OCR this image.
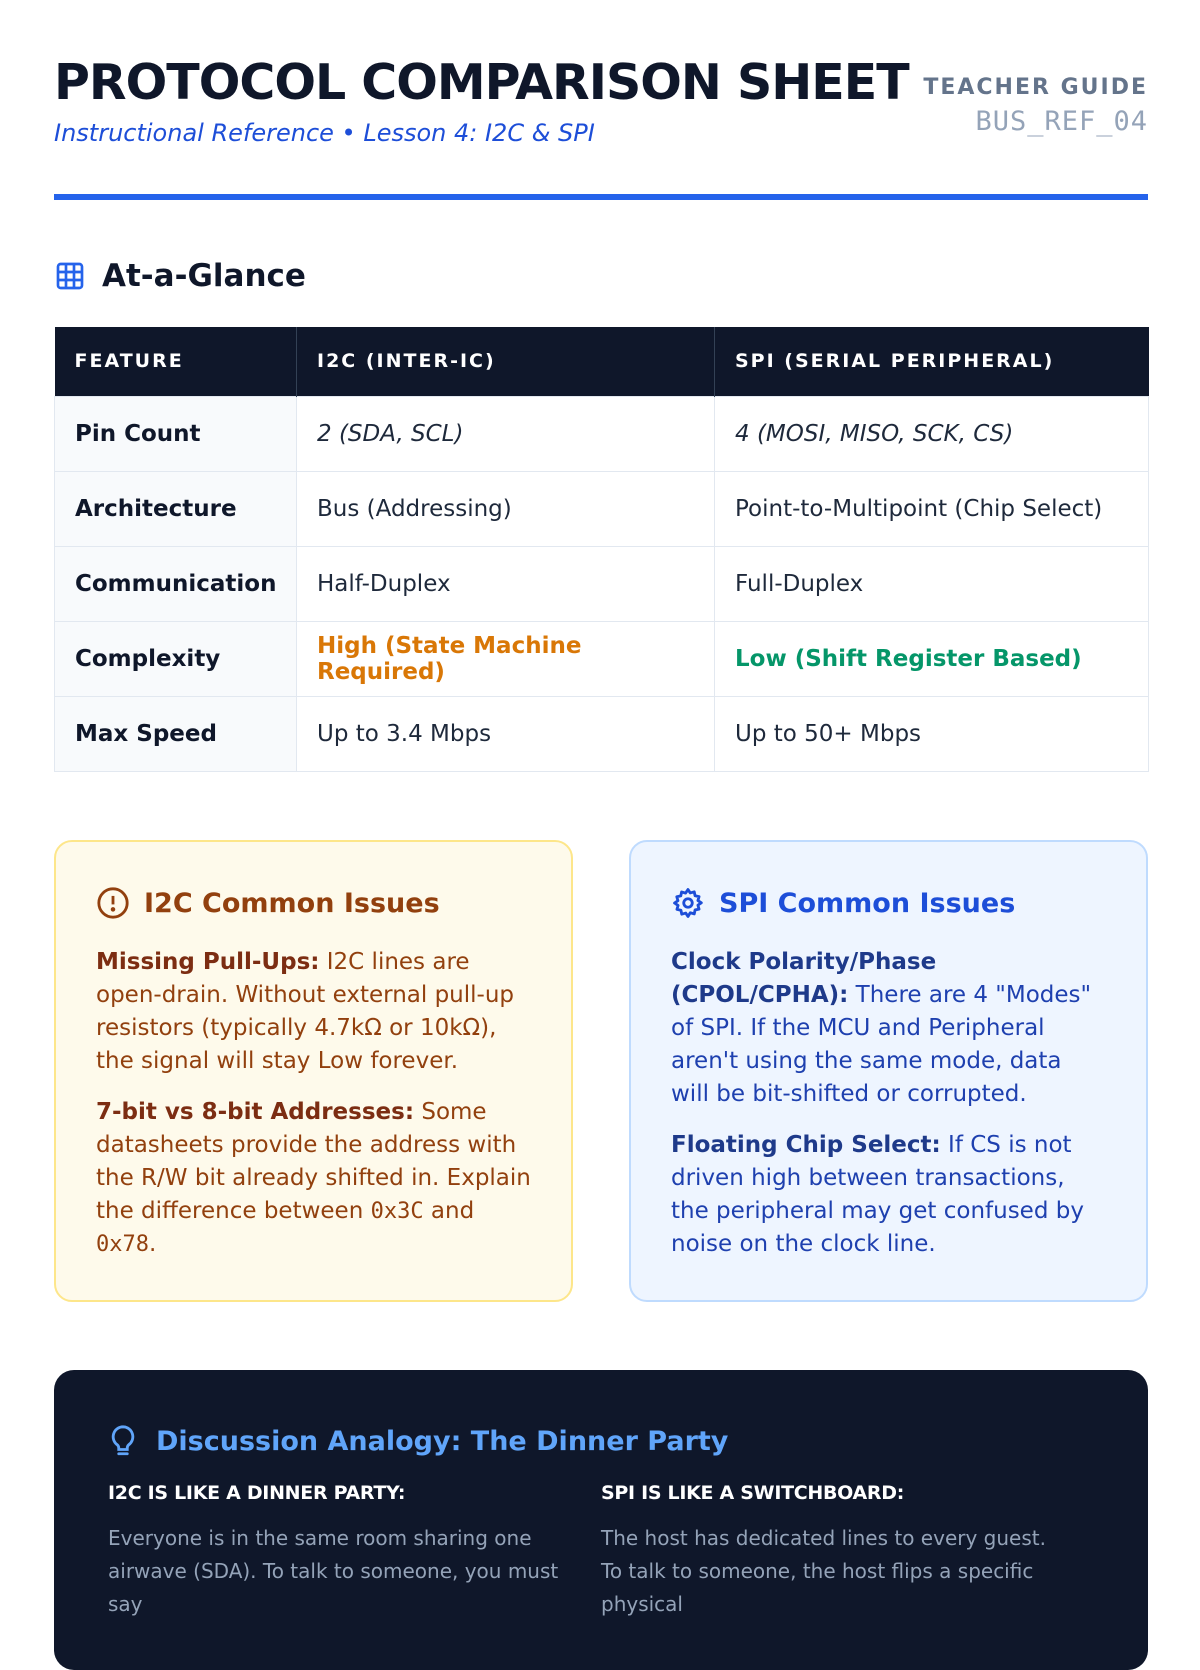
PROTOCOL COMPARISON SHEET
Instructional Reference • Lesson 4: I2C & SPI
TEACHER GUIDE
BUS_REF_04
At-a-Glance
FEATURE	I2C (INTER-IC)	SPI (SERIAL PERIPHERAL)
Pin Count	2 (SDA, SCL)	4 (MOSI, MISO, SCK, CS)
Architecture	Bus (Addressing)	Point-to-Multipoint (Chip Select)
Communication	Half-Duplex	Full-Duplex
Complexity	High (State Machine Required)	Low (Shift Register Based)
Max Speed	Up to 3.4 Mbps	Up to 50+ Mbps
I2C Common Issues

Missing Pull-Ups: I2C lines are open-drain. Without external pull-up resistors (typically 4.7kΩ or 10kΩ), the signal will stay Low forever.

7-bit vs 8-bit Addresses: Some datasheets provide the address with the R/W bit already shifted in. Explain the difference between 0x3C and 0x78.

SPI Common Issues

Clock Polarity/Phase (CPOL/CPHA): There are 4 "Modes" of SPI. If the MCU and Peripheral aren't using the same mode, data will be bit-shifted or corrupted.

Floating Chip Select: If CS is not driven high between transactions, the peripheral may get confused by noise on the clock line.

Discussion Analogy: The Dinner Party
I2C IS LIKE A DINNER PARTY:

Everyone is in the same room sharing one airwave (SDA). To talk to someone, you must say

SPI IS LIKE A SWITCHBOARD:

The host has dedicated lines to every guest. To talk to someone, the host flips a specific physical
